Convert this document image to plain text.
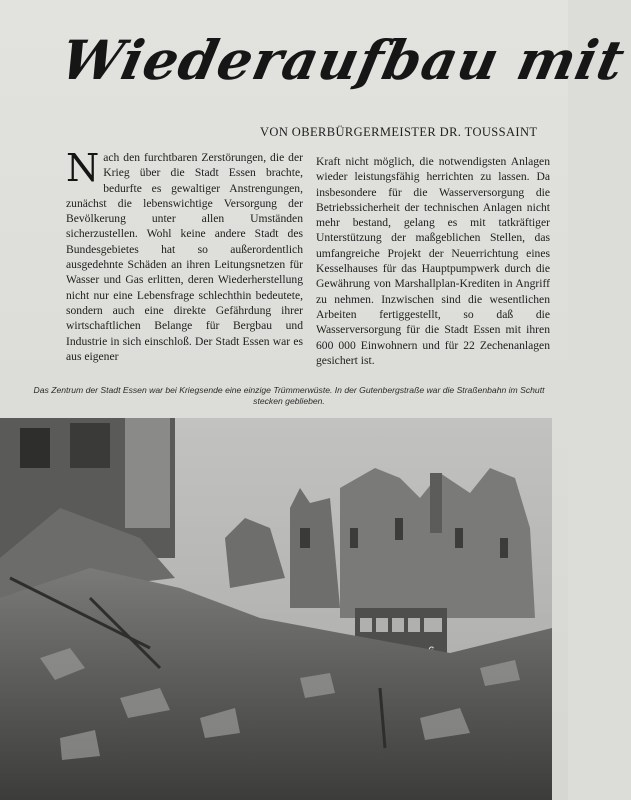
Wiederaufbau mit
VON OBERBÜRGERMEISTER DR. TOUSSAINT
Nach den furchtbaren Zerstörungen, die der Krieg über die Stadt Essen brachte, bedurfte es gewaltiger Anstrengungen, zunächst die lebenswichtige Versorgung der Bevölkerung unter allen Umständen sicherzustellen. Wohl keine andere Stadt des Bundesgebietes hat so außerordentlich ausgedehnte Schäden an ihren Leitungsnetzen für Wasser und Gas erlitten, deren Wiederherstellung nicht nur eine Lebensfrage schlechthin bedeutete, sondern auch eine direkte Gefährdung ihrer wirtschaftlichen Belange für Bergbau und Industrie in sich einschloß. Der Stadt Essen war es aus eigener
Kraft nicht möglich, die notwendigsten Anlagen wieder leistungsfähig herrichten zu lassen. Da insbesondere für die Wasserversorgung die Betriebssicherheit der technischen Anlagen nicht mehr bestand, gelang es mit tatkräftiger Unterstützung der maßgeblichen Stellen, das umfangreiche Projekt der Neuerrichtung eines Kesselhauses für das Hauptpumpwerk durch die Gewährung von Marshallplan-Krediten in Angriff zu nehmen. Inzwischen sind die wesentlichen Arbeiten fertiggestellt, so daß die Wasserversorgung für die Stadt Essen mit ihren 600 000 Einwohnern und für 22 Zechenanlagen gesichert ist.
Das Zentrum der Stadt Essen war bei Kriegsende eine einzige Trümmerwüste. In der Gutenbergstraße war die Straßenbahn im Schutt stecken geblieben.
